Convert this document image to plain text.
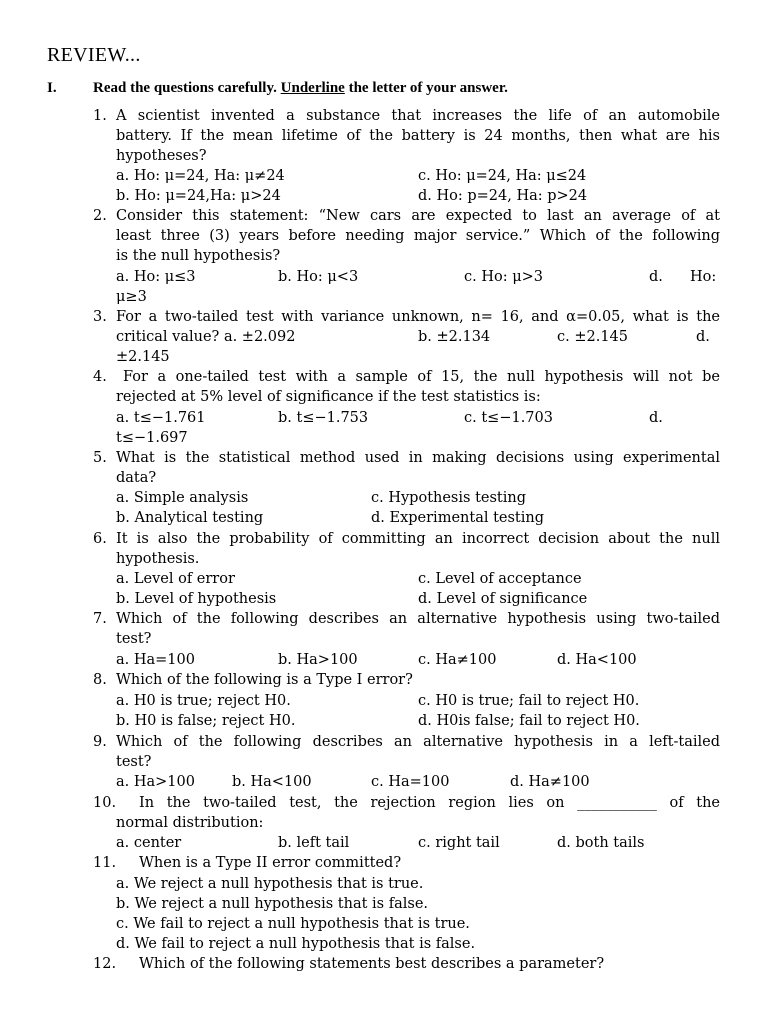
REVIEW...
I. Read the questions carefully. Underline the letter of your answer.
1. A scientist invented a substance that increases the life of an automobile
battery. If the mean lifetime of the battery is 24 months, then what are his
hypotheses?
a. Ho: μ=24, Ha: μ≠24	c. Ho: μ=24, Ha: μ≤24
b. Ho: μ=24,Ha: μ>24	d. Ho: p=24, Ha: p>24
2. Consider this statement: “New cars are expected to last an average of at
least three (3) years before needing major service.” Which of the following
is the null hypothesis?
a. Ho: μ≤3	b. Ho: μ<3	c. Ho: μ>3	d. Ho:
μ≥3
3. For a two-tailed test with variance unknown, n= 16, and α=0.05, what is the
critical value? a. ±2.092	b. ±2.134	c. ±2.145	d.
±2.145
4. For a one-tailed test with a sample of 15, the null hypothesis will not be
rejected at 5% level of significance if the test statistics is:
a. t≤−1.761	b. t≤−1.753	c. t≤−1.703	d.
t≤−1.697
5. What is the statistical method used in making decisions using experimental
data?
a. Simple analysis	c. Hypothesis testing
b. Analytical testing	d. Experimental testing
6. It is also the probability of committing an incorrect decision about the null
hypothesis.
a. Level of error	c. Level of acceptance
b. Level of hypothesis	d. Level of significance
7. Which of the following describes an alternative hypothesis using two-tailed
test?
a. Ha=100	b. Ha>100	c. Ha≠100	d. Ha<100
8. Which of the following is a Type I error?
a. H0 is true; reject H0.	c. H0 is true; fail to reject H0.
b. H0 is false; reject H0.	d. H0is false; fail to reject H0.
9. Which of the following describes an alternative hypothesis in a left-tailed
test?
a. Ha>100	b. Ha<100	c. Ha=100	d. Ha≠100
10. In the two-tailed test, the rejection region lies on ___________ of the
normal distribution:
a. center	b. left tail	c. right tail	d. both tails
11. When is a Type II error committed?
a. We reject a null hypothesis that is true.
b. We reject a null hypothesis that is false.
c. We fail to reject a null hypothesis that is true.
d. We fail to reject a null hypothesis that is false.
12. Which of the following statements best describes a parameter?
